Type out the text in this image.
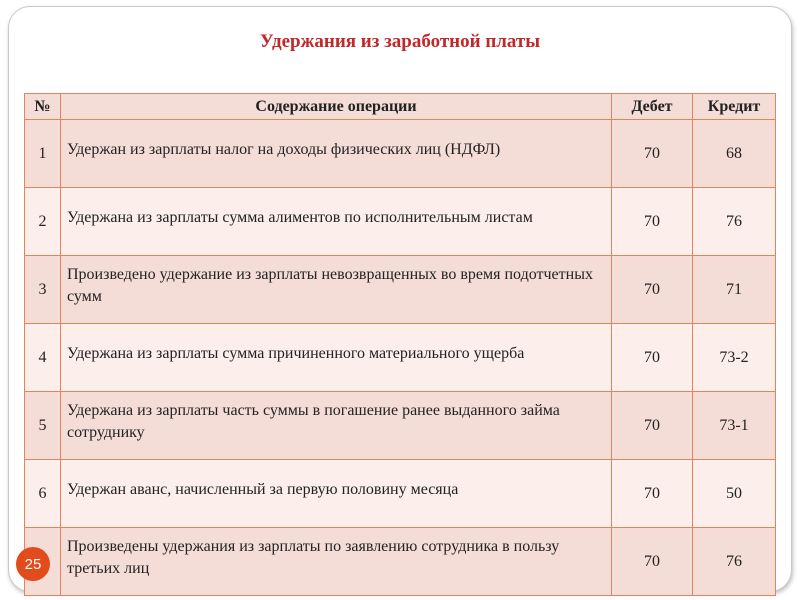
Удержания из заработной платы
№	Содержание операции	Дебет	Кредит
1	Удержан из зарплаты налог на доходы физических лиц (НДФЛ)	70	68
2	Удержана из зарплаты сумма алиментов по исполнительным листам	70	76
3	Произведено удержание из зарплаты невозвращенных во время подотчетных сумм	70	71
4	Удержана из зарплаты сумма причиненного материального ущерба	70	73-2
5	Удержана из зарплаты часть суммы в погашение ранее выданного займа сотруднику	70	73-1
6	Удержан аванс, начисленный за первую половину месяца	70	50
	Произведены удержания из зарплаты по заявлению сотрудника в пользу третьих лиц	70	76
25
